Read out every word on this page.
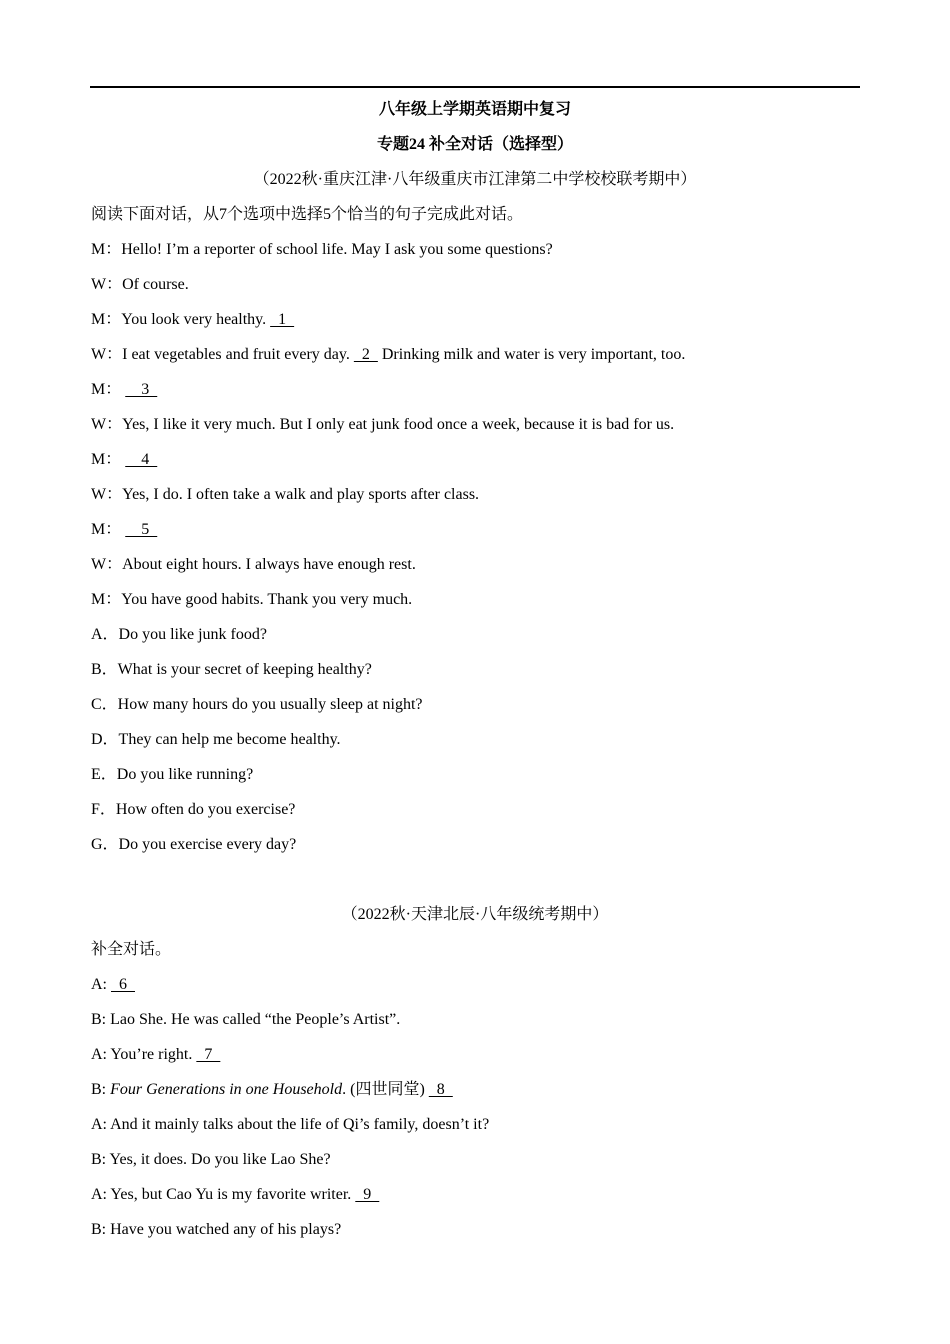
八年级上学期英语期中复习
专题24 补全对话（选择型）
（2022秋·重庆江津·八年级重庆市江津第二中学校校联考期中）
阅读下面对话，从7个选项中选择5个恰当的句子完成此对话。
M：Hello! I’m a reporter of school life. May I ask you some questions?
W：Of course.
M：You look very healthy.   1
W：I eat vegetables and fruit every day.   2   Drinking milk and water is very important, too.
M：     3
W：Yes, I like it very much. But I only eat junk food once a week, because it is bad for us.
M：     4
W：Yes, I do. I often take a walk and play sports after class.
M：     5
W：About eight hours. I always have enough rest.
M：You have good habits. Thank you very much.
A．Do you like junk food?
B．What is your secret of keeping healthy?
C．How many hours do you usually sleep at night?
D．They can help me become healthy.
E．Do you like running?
F．How often do you exercise?
G．Do you exercise every day?
（2022秋·天津北辰·八年级统考期中）
补全对话。
A:   6
B: Lao She. He was called “the People’s Artist”.
A: You’re right.   7
B: Four Generations in one Household. (四世同堂)   8
A: And it mainly talks about the life of Qi’s family, doesn’t it?
B: Yes, it does. Do you like Lao She?
A: Yes, but Cao Yu is my favorite writer.   9
B: Have you watched any of his plays?
